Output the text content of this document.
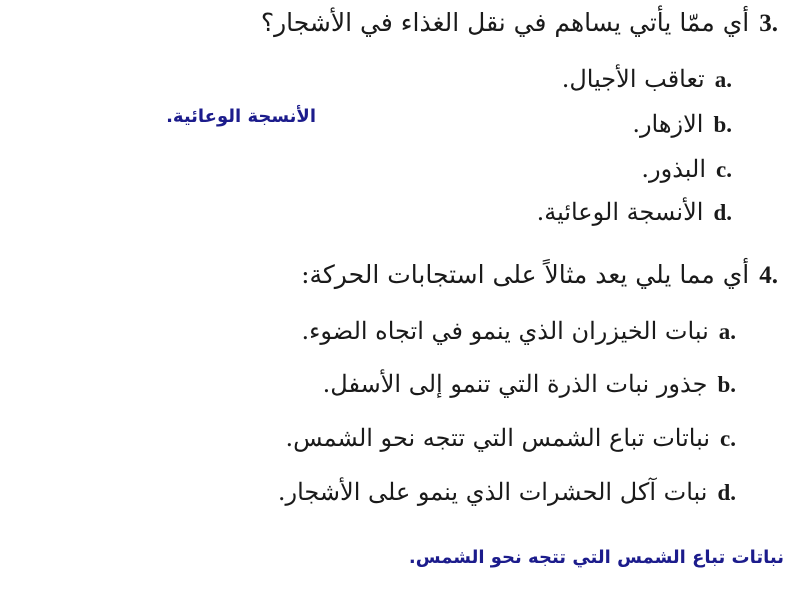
3.
أي ممّا يأتي يساهم في نقل الغذاء في الأشجار؟
a.
تعاقب الأجيال.
b.
الازهار.
c.
البذور.
d.
الأنسجة الوعائية.
الأنسجة الوعائية.
4.
أي مما يلي يعد مثالاً على استجابات الحركة:
a.
نبات الخيزران الذي ينمو في اتجاه الضوء.
b.
جذور نبات الذرة التي تنمو إلى الأسفل.
c.
نباتات تباع الشمس التي تتجه نحو الشمس.
d.
نبات آكل الحشرات الذي ينمو على الأشجار.
نباتات تباع الشمس التي تتجه نحو الشمس.
